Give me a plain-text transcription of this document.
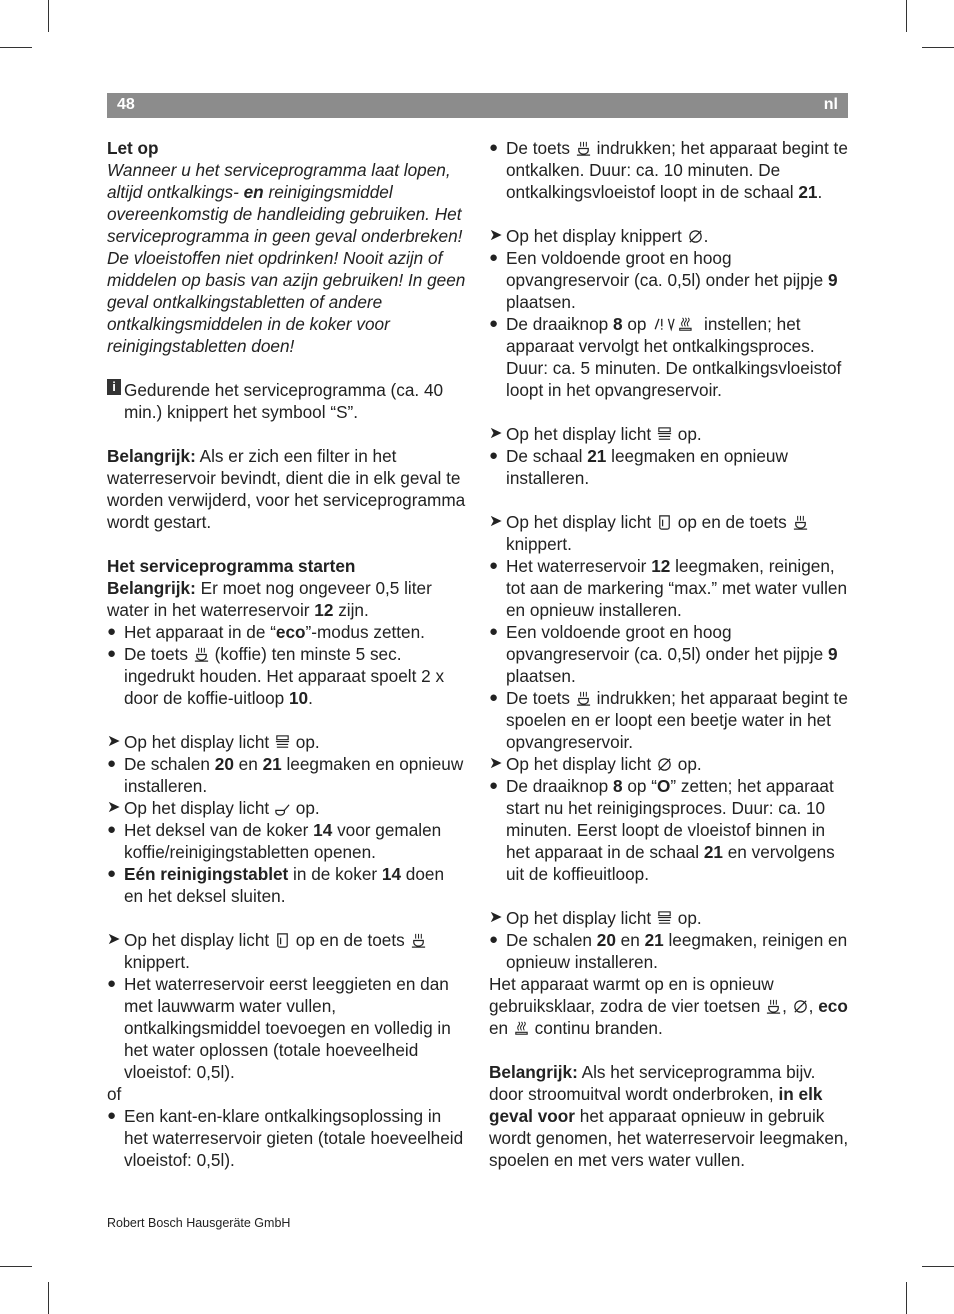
48	nl

Let op

Wanneer u het serviceprogramma laat lopen, altijd ontkalkings- en reinigingsmiddel overeenkomstig de handleiding gebruiken. Het serviceprogramma in geen geval onderbreken! De vloeistoffen niet opdrinken! Nooit azijn of middelen op basis van azijn gebruiken! In geen geval ontkalkingstabletten of andere ontkalkingsmiddelen in de koker voor reinigingstabletten doen!

i Gedurende het serviceprogramma (ca. 40 min.) knippert het symbool “S”.

Belangrijk: Als er zich een filter in het waterreservoir bevindt, dient die in elk geval te worden verwijderd, voor het serviceprogramma wordt gestart.

Het serviceprogramma starten

Belangrijk: Er moet nog ongeveer 0,5 liter water in het waterreservoir 12 zijn.

● Het apparaat in de “eco”-modus zetten.

● De toets
(koffie) ten minste 5 sec. ingedrukt houden. Het apparaat spoelt 2 x door de koffie-uitloop 10.

➤ Op het display licht
op.

● De schalen 20 en 21 leegmaken en opnieuw installeren.

➤ Op het display licht
op.

● Het deksel van de koker 14 voor gemalen koffie/reinigingstabletten openen.

● Eén reinigingstablet in de koker 14 doen en het deksel sluiten.

➤ Op het display licht
op en de toets
knippert.

● Het waterreservoir eerst leeggieten en dan met lauwwarm water vullen, ontkalkingsmiddel toevoegen en volledig in het water oplossen (totale hoeveelheid vloeistof: 0,5l).

of

● Een kant-en-klare ontkalkingsoplossing in het waterreservoir gieten (totale hoeveelheid vloeistof: 0,5l).

● De toets
indrukken; het apparaat begint te ontkalken. Duur: ca. 10 minuten. De ontkalkingsvloeistof loopt in de schaal 21.

➤ Op het display knippert
.

● Een voldoende groot en hoog opvangreservoir (ca. 0,5l) onder het pijpje 9 plaatsen.

● De draaiknop 8 op	instellen; het apparaat vervolgt het ontkalkingsproces. Duur: ca. 5 minuten. De ontkalkingsvloeistof loopt in het opvangreservoir.

➤ Op het display licht
op.

● De schaal 21 leegmaken en opnieuw installeren.

➤ Op het display licht
op en de toets
knippert.

● Het waterreservoir 12 leegmaken, reinigen, tot aan de markering “max.” met water vullen en opnieuw installeren.

● Een voldoende groot en hoog opvangreservoir (ca. 0,5l) onder het pijpje 9 plaatsen.

● De toets
indrukken; het apparaat begint te spoelen en er loopt een beetje water in het opvangreservoir.

➤ Op het display licht
op.

● De draaiknop 8 op “O” zetten; het apparaat start nu het reinigingsproces. Duur: ca. 10 minuten. Eerst loopt de vloeistof binnen in het apparaat in de schaal 21 en vervolgens uit de koffieuitloop.

➤ Op het display licht
op.

● De schalen 20 en 21 leegmaken, reinigen en opnieuw installeren.

Het apparaat warmt op en is opnieuw gebruiksklaar, zodra de vier toetsen
,
, eco en
continu branden.

Belangrijk: Als het serviceprogramma bijv. door stroomuitval wordt onderbroken, in elk geval voor het apparaat opnieuw in gebruik wordt genomen, het waterreservoir leegmaken, spoelen en met vers water vullen.

Robert Bosch Hausgeräte GmbH
